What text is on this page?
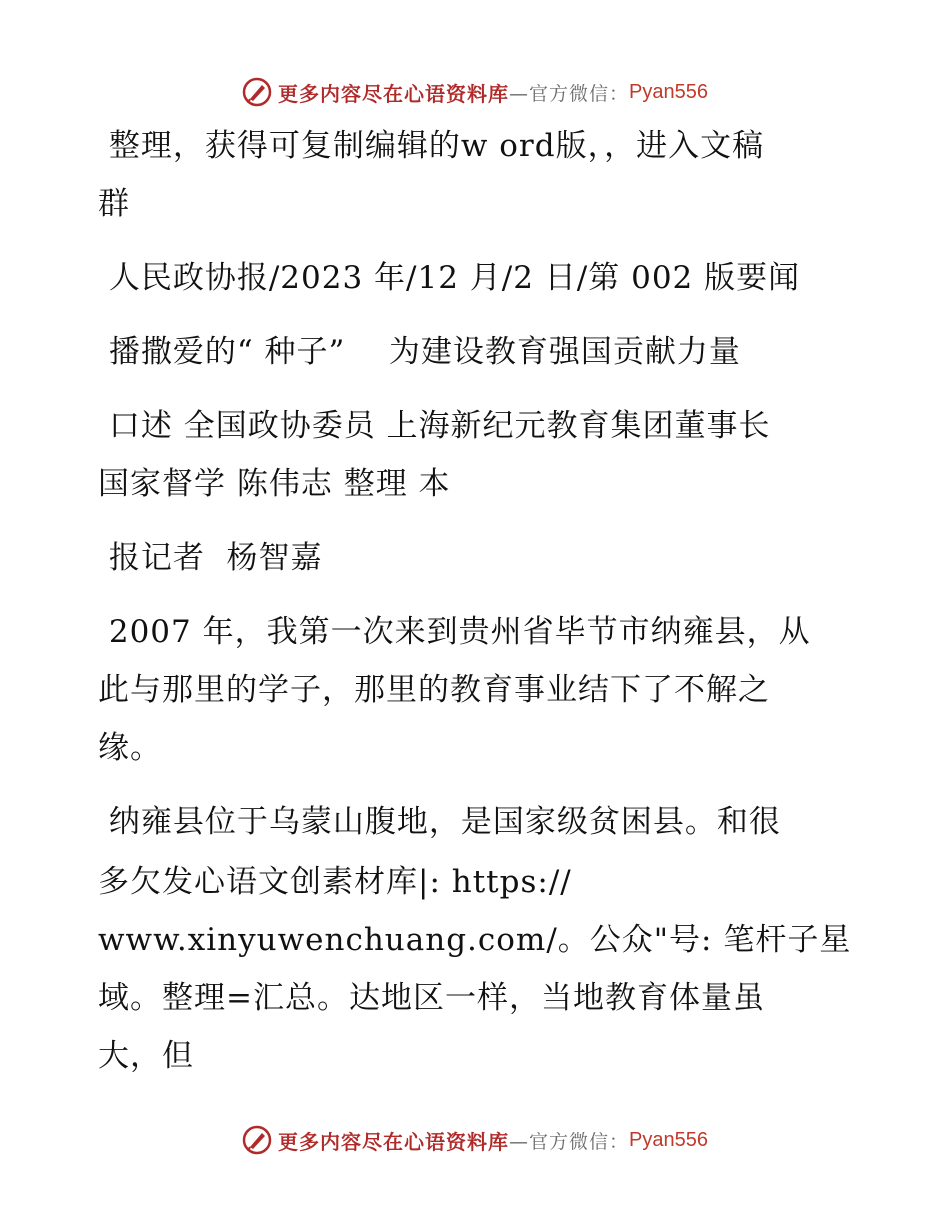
更多内容尽在心语资料库 —官方微信： Pyan556
整理，获得可复制编辑的w ord版，，进入文稿
群
人民政协报/2023 年/12 月/2 日/第 002 版要闻
播撒爱的“ 种子”    为建设教育强国贡献力量
口述 全国政协委员 上海新纪元教育集团董事长
国家督学 陈伟志 整理 本
报记者  杨智嘉
2007 年，我第一次来到贵州省毕节市纳雍县，从
此与那里的学子，那里的教育事业结下了不解之
缘。
纳雍县位于乌蒙山腹地，是国家级贫困县。和很
多欠发心语文创素材库|: https://
www.xinyuwenchuang.com/。公众"号: 笔杆子星
域。整理=汇总。达地区一样，当地教育体量虽
大，但
更多内容尽在心语资料库 —官方微信： Pyan556
